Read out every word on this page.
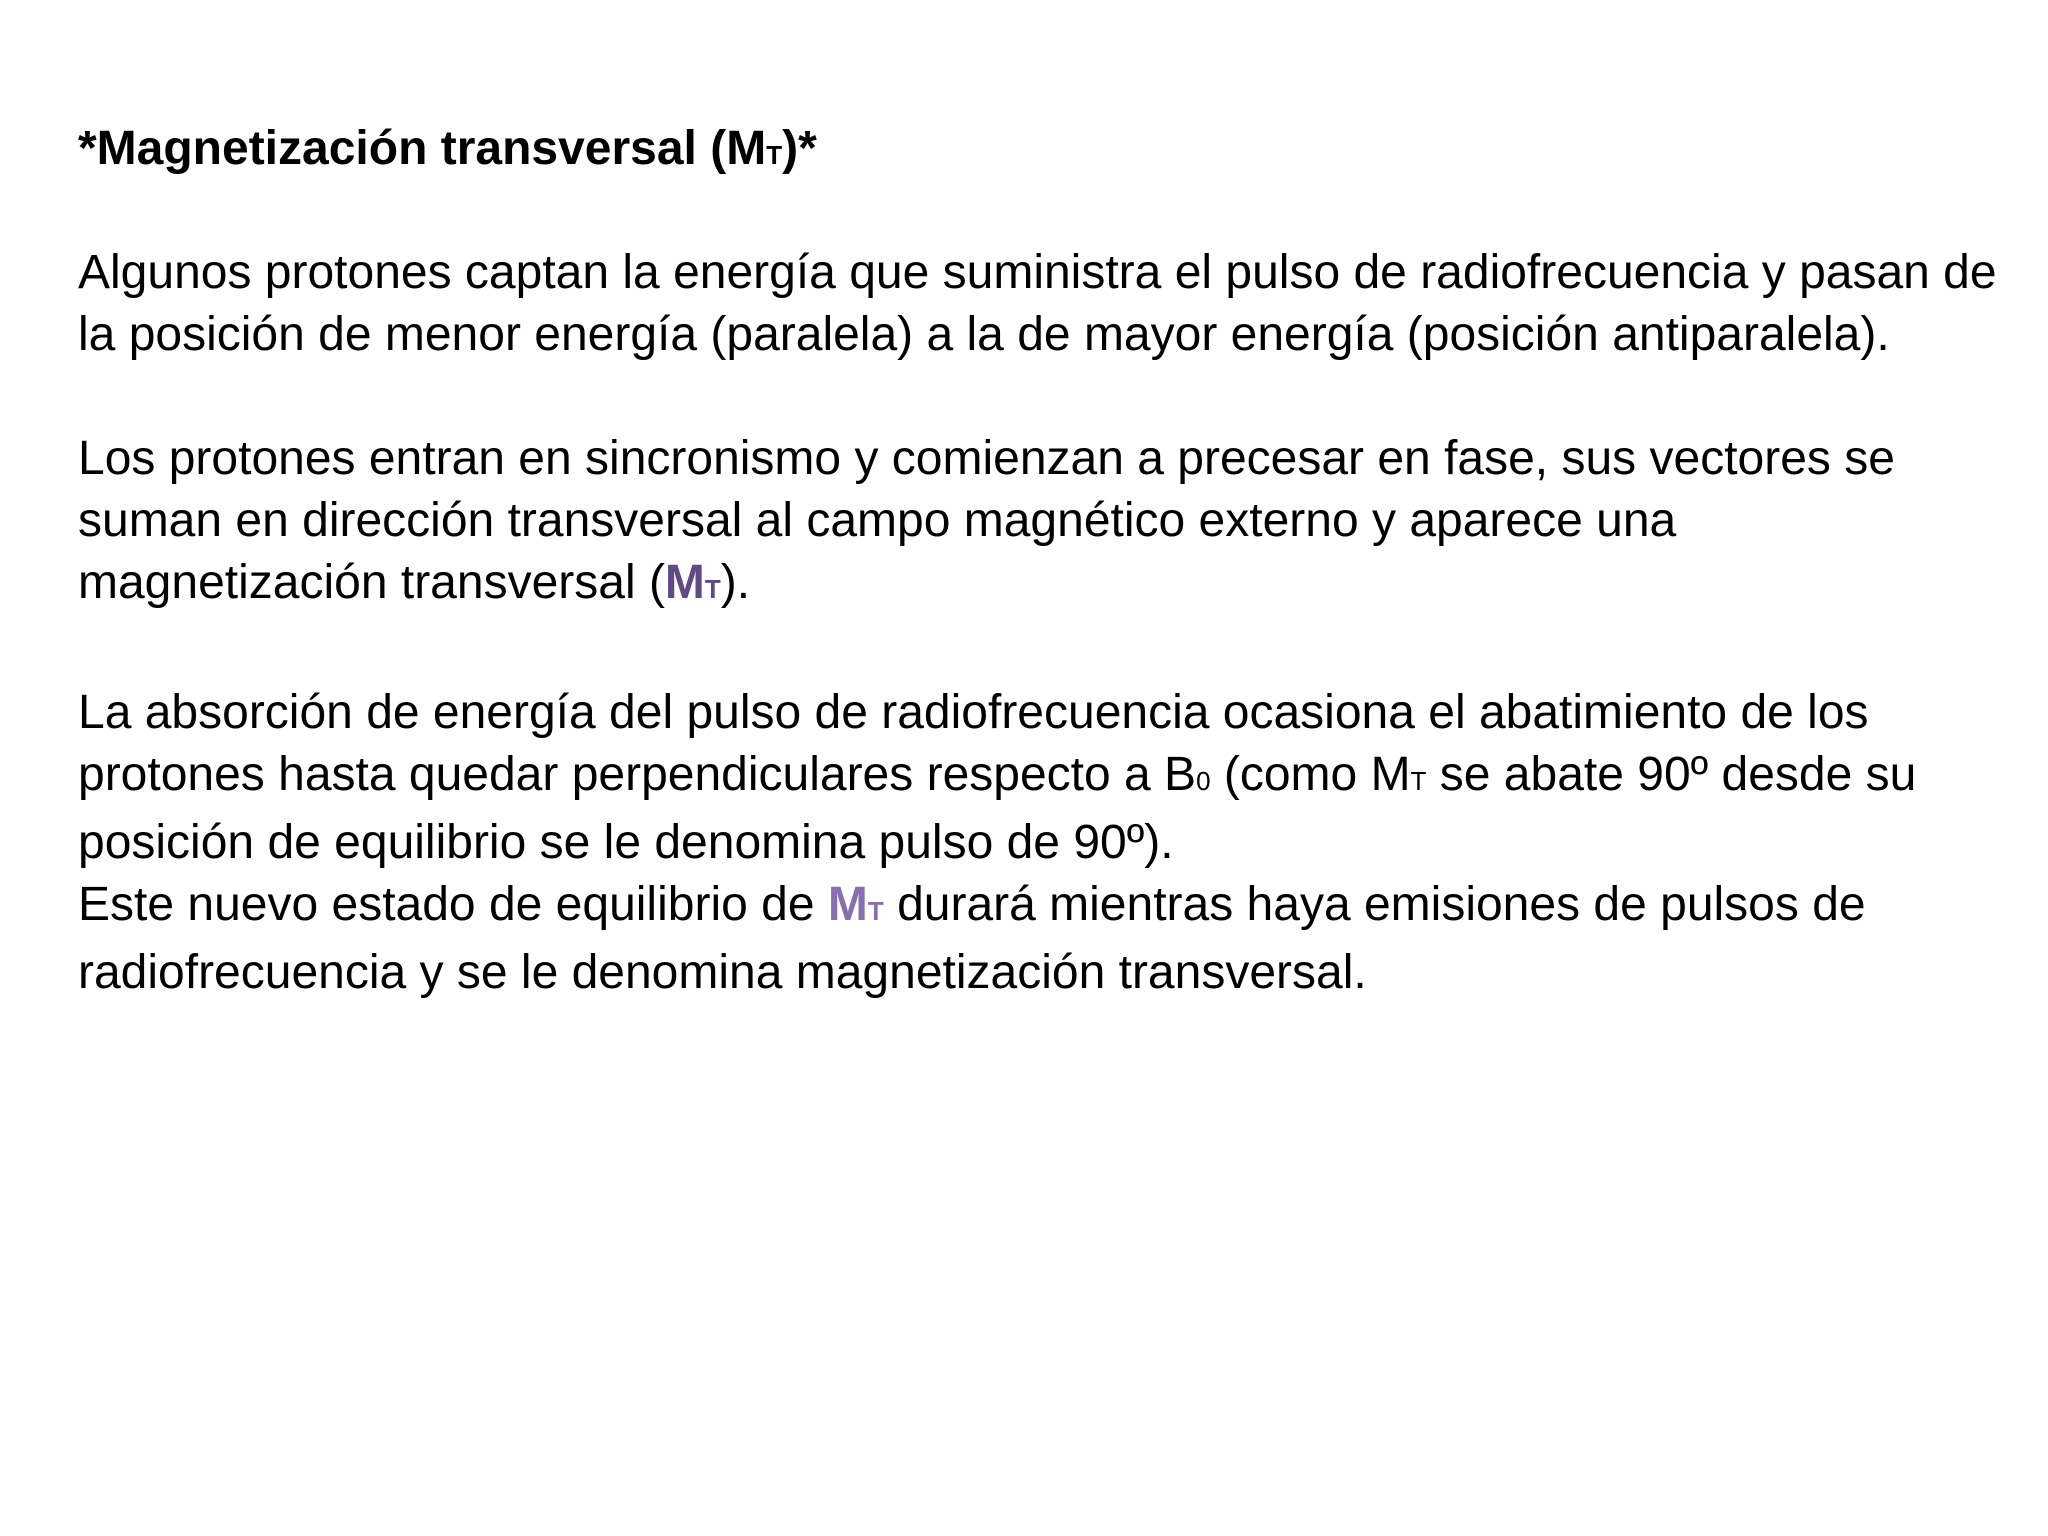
*Magnetización transversal (MT)*
Algunos protones captan la energía que suministra el pulso de radiofrecuencia y pasan de la posición de menor energía (paralela) a la de mayor energía (posición antiparalela).
Los protones entran en sincronismo y comienzan a precesar en fase, sus vectores se suman en dirección transversal al campo magnético externo y aparece una magnetización transversal (MT).
La absorción de energía del pulso de radiofrecuencia ocasiona el abatimiento de los protones hasta quedar perpendiculares respecto a B0 (como MT se abate 90º desde su posición de equilibrio se le denomina pulso de 90º).
Este nuevo estado de equilibrio de MT durará mientras haya emisiones de pulsos de radiofrecuencia y se le denomina magnetización transversal.
